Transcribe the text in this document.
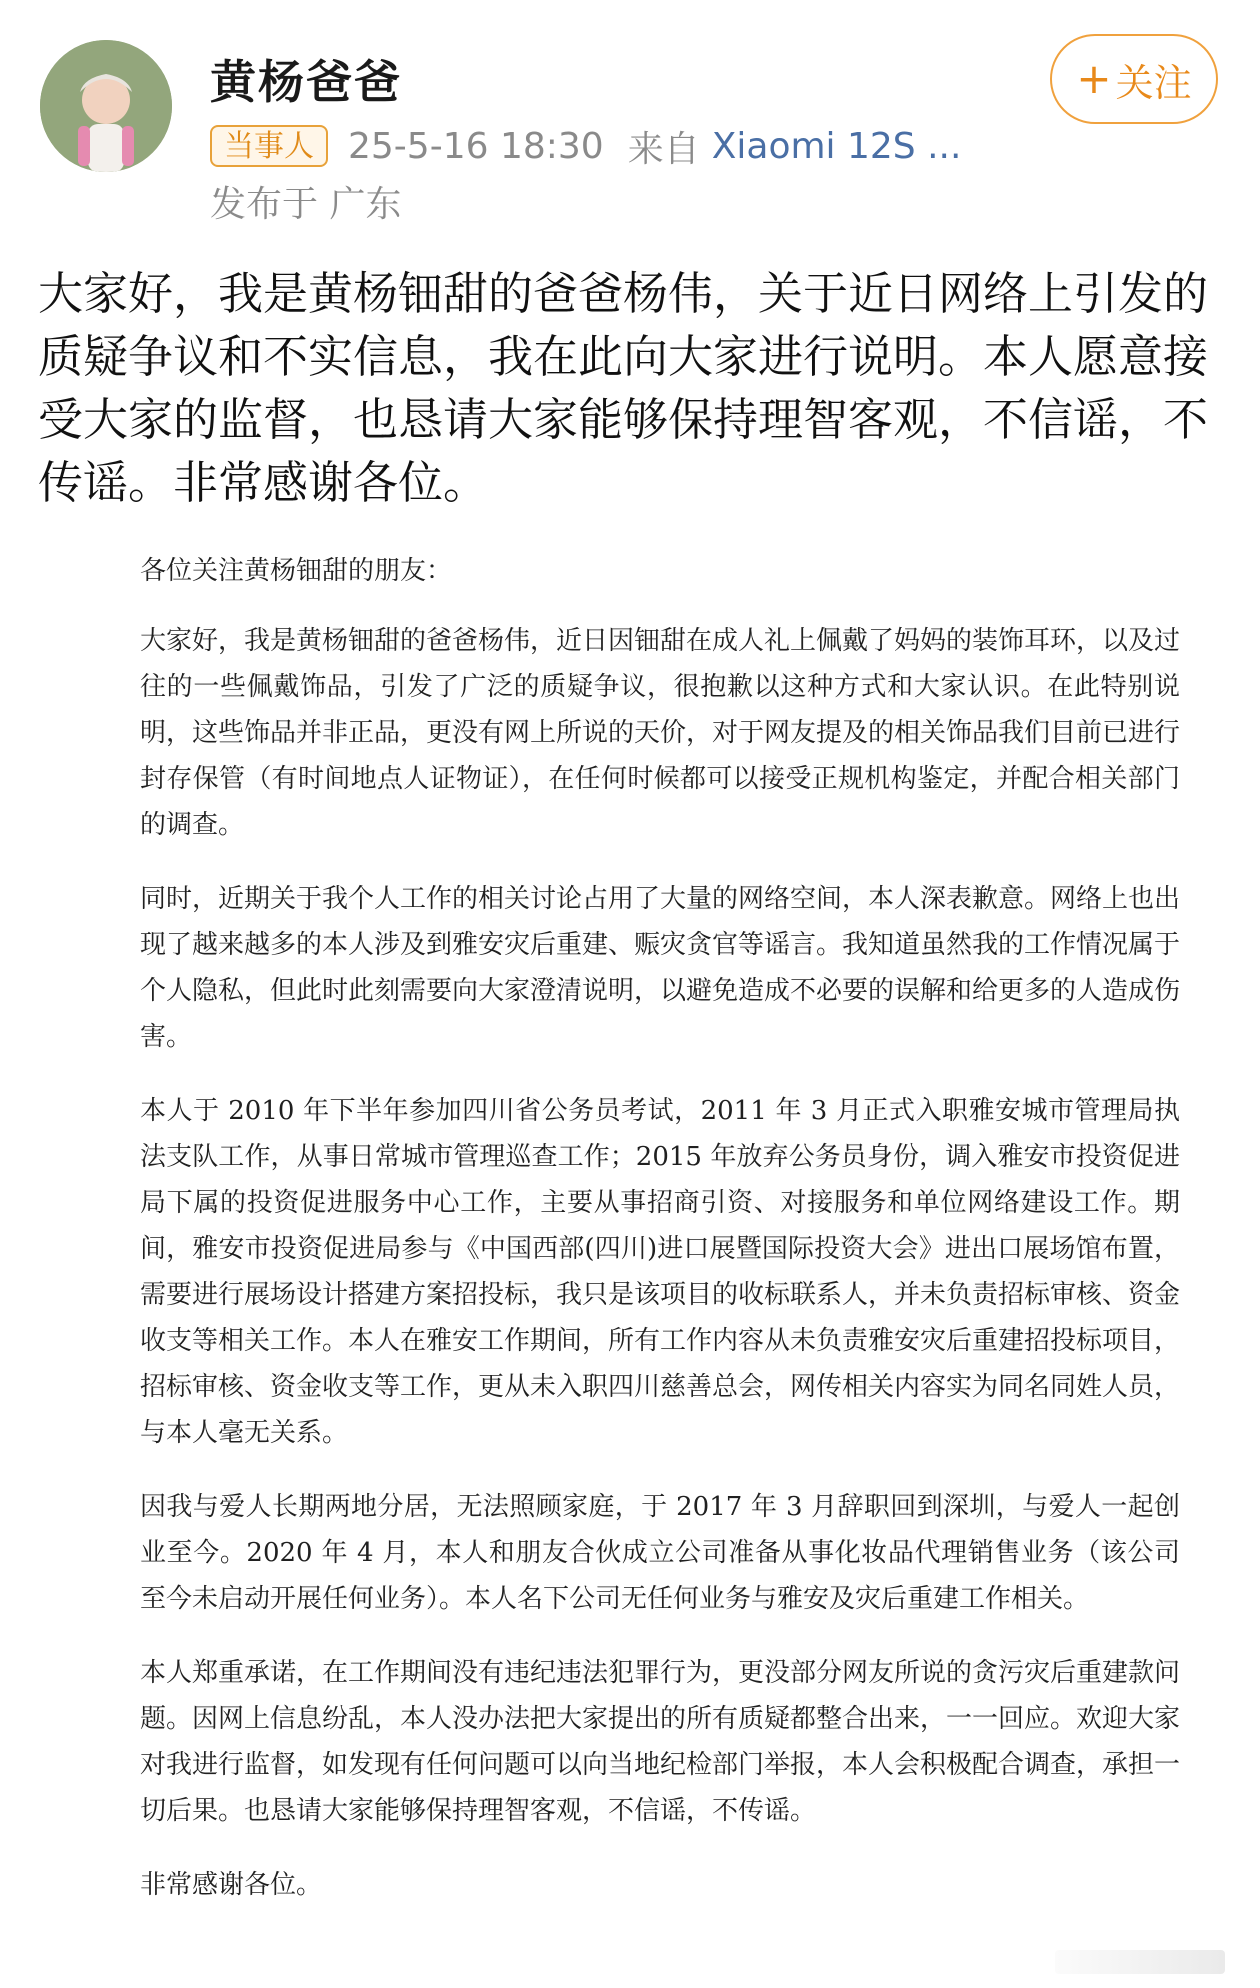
黄杨爸爸
当事人 25-5-16 18:30 来自 Xiaomi 12S ...
发布于 广东
+ 关注
大家好，我是黄杨钿甜的爸爸杨伟，关于近日网络上引发的质疑争议和不实信息，我在此向大家进行说明。本人愿意接受大家的监督，也恳请大家能够保持理智客观，不信谣，不传谣。非常感谢各位。
各位关注黄杨钿甜的朋友：

大家好，我是黄杨钿甜的爸爸杨伟，近日因钿甜在成人礼上佩戴了妈妈的装饰耳环，以及过往的一些佩戴饰品，引发了广泛的质疑争议，很抱歉以这种方式和大家认识。在此特别说明，这些饰品并非正品，更没有网上所说的天价，对于网友提及的相关饰品我们目前已进行封存保管（有时间地点人证物证），在任何时候都可以接受正规机构鉴定，并配合相关部门的调查。

同时，近期关于我个人工作的相关讨论占用了大量的网络空间，本人深表歉意。网络上也出现了越来越多的本人涉及到雅安灾后重建、赈灾贪官等谣言。我知道虽然我的工作情况属于个人隐私，但此时此刻需要向大家澄清说明，以避免造成不必要的误解和给更多的人造成伤害。

本人于 2010 年下半年参加四川省公务员考试，2011 年 3 月正式入职雅安城市管理局执法支队工作，从事日常城市管理巡查工作；2015 年放弃公务员身份，调入雅安市投资促进局下属的投资促进服务中心工作，主要从事招商引资、对接服务和单位网络建设工作。期间，雅安市投资促进局参与《中国西部(四川)进口展暨国际投资大会》进出口展场馆布置，需要进行展场设计搭建方案招投标，我只是该项目的收标联系人，并未负责招标审核、资金收支等相关工作。本人在雅安工作期间，所有工作内容从未负责雅安灾后重建招投标项目，招标审核、资金收支等工作，更从未入职四川慈善总会，网传相关内容实为同名同姓人员，与本人毫无关系。

因我与爱人长期两地分居，无法照顾家庭，于 2017 年 3 月辞职回到深圳，与爱人一起创业至今。2020 年 4 月，本人和朋友合伙成立公司准备从事化妆品代理销售业务（该公司至今未启动开展任何业务）。本人名下公司无任何业务与雅安及灾后重建工作相关。

本人郑重承诺，在工作期间没有违纪违法犯罪行为，更没部分网友所说的贪污灾后重建款问题。因网上信息纷乱，本人没办法把大家提出的所有质疑都整合出来，一一回应。欢迎大家对我进行监督，如发现有任何问题可以向当地纪检部门举报，本人会积极配合调查，承担一切后果。也恳请大家能够保持理智客观，不信谣，不传谣。

非常感谢各位。
